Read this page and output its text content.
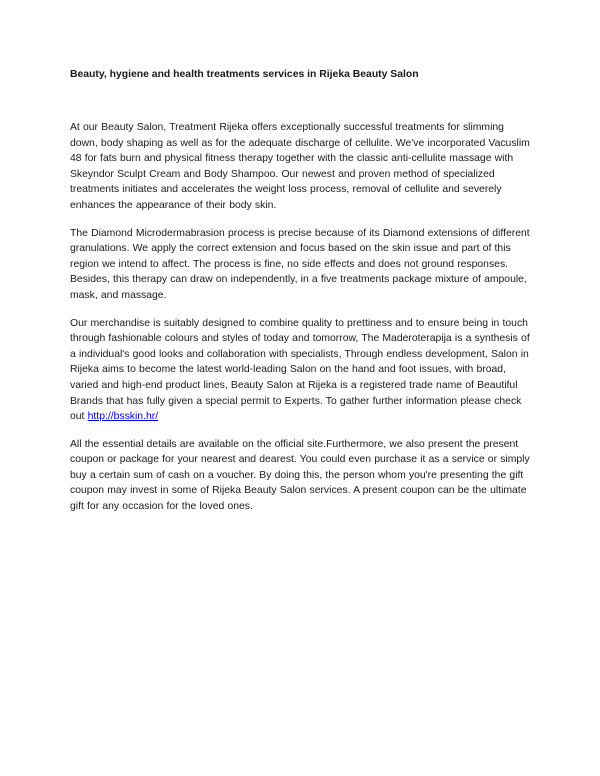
Beauty, hygiene and health treatments services in Rijeka Beauty Salon

At our Beauty Salon, Treatment Rijeka offers exceptionally successful treatments for slimming down, body shaping as well as for the adequate discharge of cellulite. We've incorporated Vacuslim 48 for fats burn and physical fitness therapy together with the classic anti-cellulite massage with Skeyndor Sculpt Cream and Body Shampoo. Our newest and proven method of specialized treatments initiates and accelerates the weight loss process, removal of cellulite and severely enhances the appearance of their body skin.

The Diamond Microdermabrasion process is precise because of its Diamond extensions of different granulations. We apply the correct extension and focus based on the skin issue and part of this region we intend to affect. The process is fine, no side effects and does not ground responses. Besides, this therapy can draw on independently, in a five treatments package mixture of ampoule, mask, and massage.

Our merchandise is suitably designed to combine quality to prettiness and to ensure being in touch through fashionable colours and styles of today and tomorrow, The Maderoterapija is a synthesis of a individual's good looks and collaboration with specialists, Through endless development, Salon in Rijeka aims to become the latest world-leading Salon on the hand and foot issues, with broad, varied and high-end product lines, Beauty Salon at Rijeka is a registered trade name of Beautiful Brands that has fully given a special permit to Experts. To gather further information please check out http://bsskin.hr/

All the essential details are available on the official site.Furthermore, we also present the present coupon or package for your nearest and dearest. You could even purchase it as a service or simply buy a certain sum of cash on a voucher. By doing this, the person whom you're presenting the gift coupon may invest in some of Rijeka Beauty Salon services. A present coupon can be the ultimate gift for any occasion for the loved ones.
